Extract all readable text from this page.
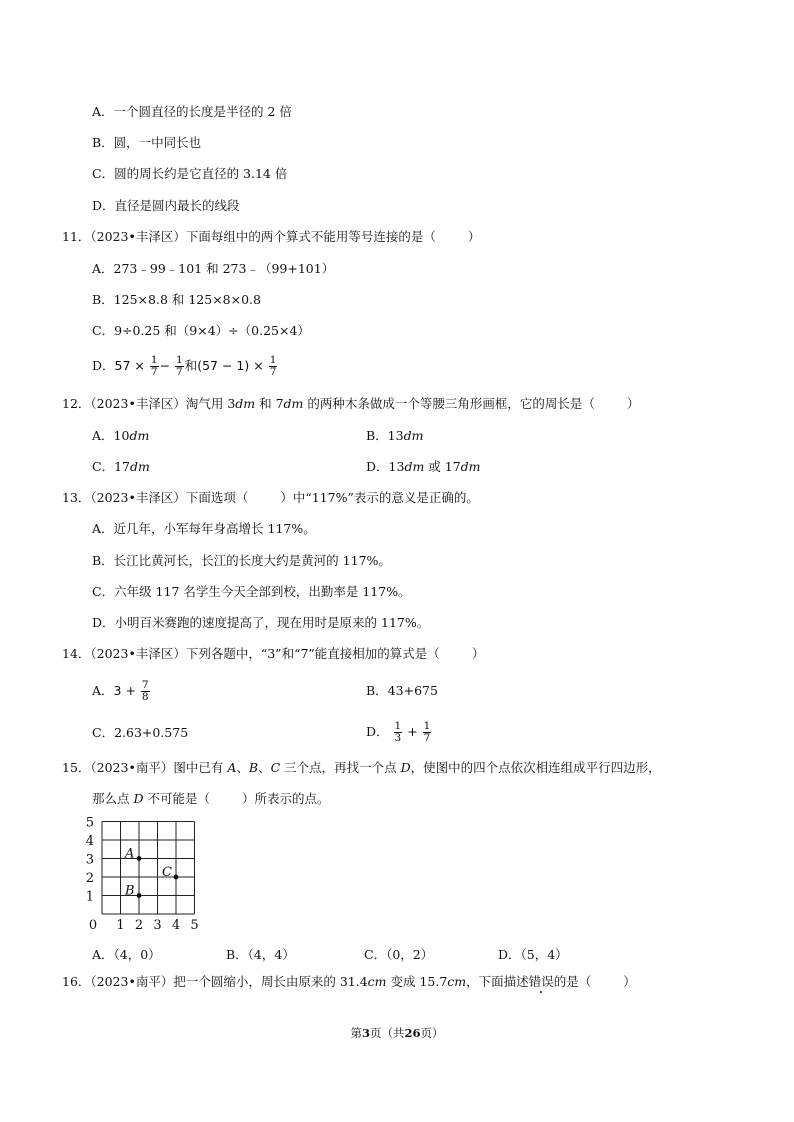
A．一个圆直径的长度是半径的 2 倍
B．圆，一中同长也
C．圆的周长约是它直径的 3.14 倍
D．直径是圆内最长的线段
11．（2023•丰泽区）下面每组中的两个算式不能用等号连接的是（	）
A．273﹣99﹣101 和 273﹣（99+101）
B．125×8.8 和 125×8×0.8
C．9÷0.25 和（9×4）÷（0.25×4）
D．$57 \times \frac{1}{7} - \frac{1}{7}$ 和$(57 - 1) \times \frac{1}{7}$
12．（2023•丰泽区）淘气用 3dm 和 7dm 的两种木条做成一个等腰三角形画框，它的周长是（	）
A．10dm	B．13dm
C．17dm	D．13dm 或 17dm
13．（2023•丰泽区）下面选项（	）中“117%”表示的意义是正确的。
A．近几年，小军每年身高增长 117%。
B．长江比黄河长，长江的长度大约是黄河的 117%。
C．六年级 117 名学生今天全部到校，出勤率是 117%。
D．小明百米赛跑的速度提高了，现在用时是原来的 117%。
14．（2023•丰泽区）下列各题中，“3”和“7”能直接相加的算式是（	）
A．$3 + \frac{7}{8}$	B．43+675
C．2.63+0.575	D． $\frac{1}{3} + \frac{1}{7}$
15．（2023•南平）图中已有 A、B、C 三个点，再找一个点 D，使图中的四个点依次相连组成平行四边形，
那么点 D 不可能是（	）所表示的点。
5
4
3
2
1
0 1 2 3 4 5
A
B
C
A．（4，0）	B．（4，4）	C．（0，2）	D．（5，4）
16．（2023•南平）把一个圆缩小，周长由原来的 31.4cm 变成 15.7cm，下面描述错误的是（	）
第3页（共26页）
